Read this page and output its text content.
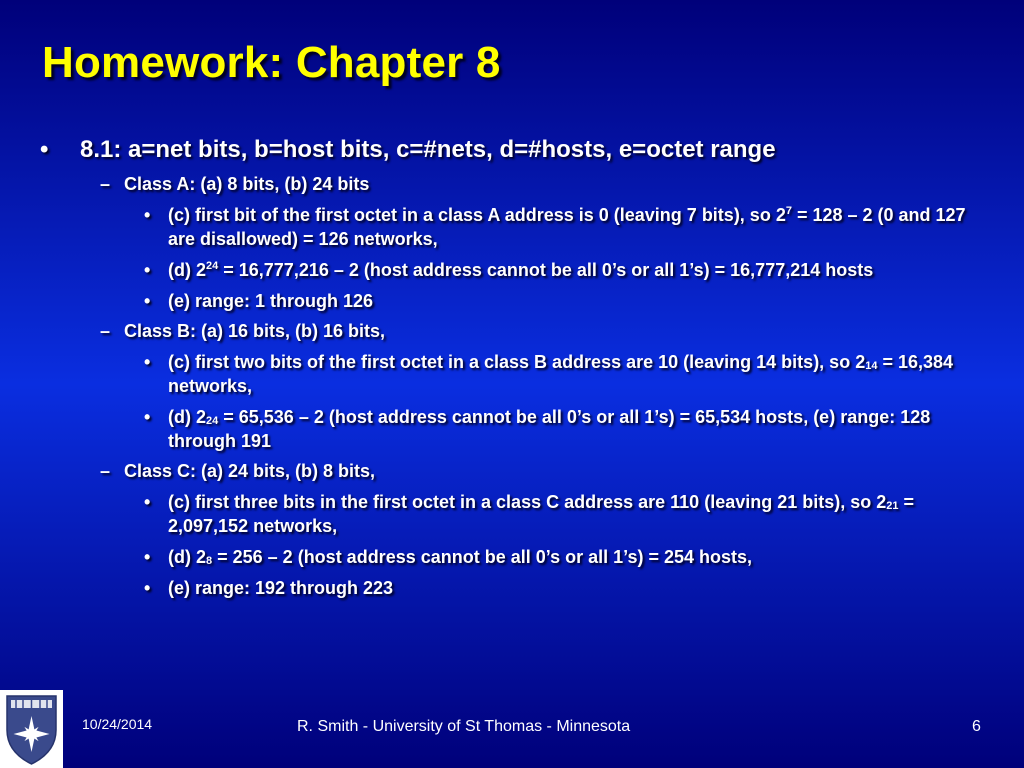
Homework: Chapter 8
• 8.1: a=net bits, b=host bits, c=#nets, d=#hosts, e=octet range
– Class A: (a) 8 bits, (b) 24 bits
• (c) first bit of the first octet in a class A address is 0 (leaving 7 bits), so $2^7 = 128 - 2$ (0 and 127 are disallowed) = 126 networks,
• (d) $2^{24} = 16,777,216 - 2$ (host address cannot be all 0’s or all 1’s) = 16,777,214 hosts
• (e) range: 1 through 126
– Class B: (a) 16 bits, (b) 16 bits,
• (c) first two bits of the first octet in a class B address are 10 (leaving 14 bits), so $2_{14} = 16,384$ networks,
• (d) $2_{24} = 65,536 - 2$ (host address cannot be all 0’s or all 1’s) = 65,534 hosts, (e) range: 128 through 191
– Class C: (a) 24 bits, (b) 8 bits,
• (c) first three bits in the first octet in a class C address are 110 (leaving 21 bits), so $2_{21} = 2,097,152$ networks,
• (d) $2_8 = 256 - 2$ (host address cannot be all 0’s or all 1’s) = 254 hosts,
• (e) range: 192 through 223
10/24/2014	R. Smith - University of St Thomas - Minnesota	6
